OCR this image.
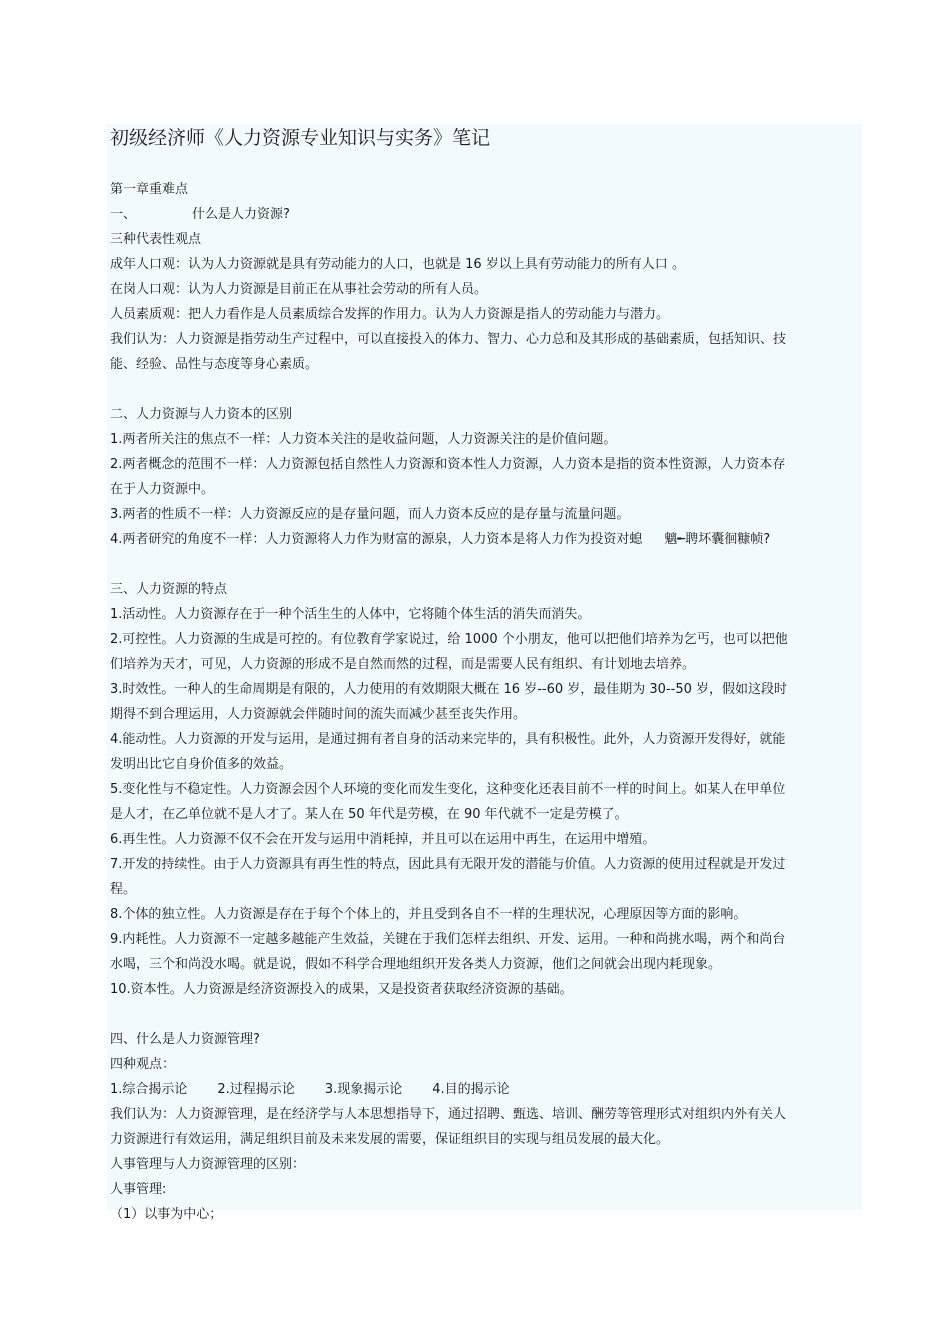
初级经济师《人力资源专业知识与实务》笔记

第一章重难点

一、	什么是人力资源?

三种代表性观点

成年人口观：认为人力资源就是具有劳动能力的人口，也就是 16 岁以上具有劳动能力的所有人口 。

在岗人口观：认为人力资源是目前正在从事社会劳动的所有人员。

人员素质观：把人力看作是人员素质综合发挥的作用力。认为人力资源是指人的劳动能力与潜力。

我们认为：人力资源是指劳动生产过程中，可以直接投入的体力、智力、心力总和及其形成的基础素质，包括知识、技

能、经验、品性与态度等身心素质。

二、人力资源与人力资本的区别

1.两者所关注的焦点不一样：人力资本关注的是收益问题，人力资源关注的是价值问题。

2.两者概念的范围不一样：人力资源包括自然性人力资源和资本性人力资源，人力资本是指的资本性资源，人力资本存

在于人力资源中。

3.两者的性质不一样：人力资源反应的是存量问题，而人力资本反应的是存量与流量问题。

4.两者研究的角度不一样：人力资源将人力作为财富的源泉，人力资本是将人力作为投资对螅 魑╾聘坏囊徊糠帧?

三、人力资源的特点

1.活动性。人力资源存在于一种个活生生的人体中，它将随个体生活的消失而消失。

2.可控性。人力资源的生成是可控的。有位教育学家说过，给 1000 个小朋友，他可以把他们培养为乞丐，也可以把他

们培养为天才，可见，人力资源的形成不是自然而然的过程，而是需要人民有组织、有计划地去培养。

3.时效性。一种人的生命周期是有限的，人力使用的有效期限大概在 16 岁--60 岁，最佳期为 30--50 岁，假如这段时

期得不到合理运用，人力资源就会伴随时间的流失而减少甚至丧失作用。

4.能动性。人力资源的开发与运用，是通过拥有者自身的活动来完毕的，具有积极性。此外，人力资源开发得好，就能

发明出比它自身价值多的效益。

5.变化性与不稳定性。人力资源会因个人环境的变化而发生变化，这种变化还表目前不一样的时间上。如某人在甲单位

是人才，在乙单位就不是人才了。某人在 50 年代是劳模，在 90 年代就不一定是劳模了。

6.再生性。人力资源不仅不会在开发与运用中消耗掉，并且可以在运用中再生，在运用中增殖。

7.开发的持续性。由于人力资源具有再生性的特点，因此具有无限开发的潜能与价值。人力资源的使用过程就是开发过

程。

8.个体的独立性。人力资源是存在于每个个体上的，并且受到各自不一样的生理状况，心理原因等方面的影响。

9.内耗性。人力资源不一定越多越能产生效益，关键在于我们怎样去组织、开发、运用。一种和尚挑水喝，两个和尚台

水喝，三个和尚没水喝。就是说，假如不科学合理地组织开发各类人力资源，他们之间就会出现内耗现象。

10.资本性。人力资源是经济资源投入的成果，又是投资者获取经济资源的基础。

四、什么是人力资源管理?

四种观点：

1.综合揭示论 2.过程揭示论 3.现象揭示论 4.目的揭示论

我们认为：人力资源管理，是在经济学与人本思想指导下，通过招聘、甄选、培训、酬劳等管理形式对组织内外有关人

力资源进行有效运用，满足组织目前及未来发展的需要，保证组织目的实现与组员发展的最大化。

人事管理与人力资源管理的区别：

人事管理:

（1）以事为中心；
